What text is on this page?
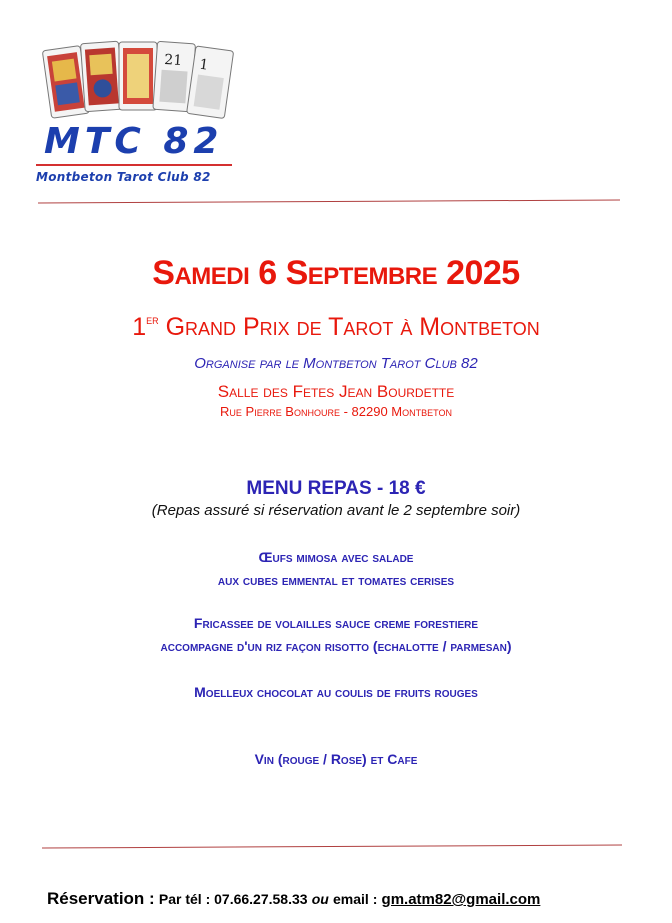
21 1
MTC 82
Montbeton Tarot Club 82
Samedi 6 Septembre 2025
1er Grand Prix de Tarot à Montbeton
Organise par le Montbeton Tarot Club 82
Salle des Fetes Jean Bourdette
Rue Pierre Bonhoure - 82290 Montbeton
MENU REPAS - 18 €
(Repas assuré si réservation avant le 2 septembre soir)
Œufs mimosa avec salade
aux cubes emmental et tomates cerises
Fricassee de volailles sauce creme forestiere
accompagne d'un riz façon risotto (echalotte / parmesan)
Moelleux chocolat au coulis de fruits rouges
Vin (rouge / Rose) et Cafe
Réservation : Par tél : 07.66.27.58.33 ou email : gm.atm82@gmail.com
